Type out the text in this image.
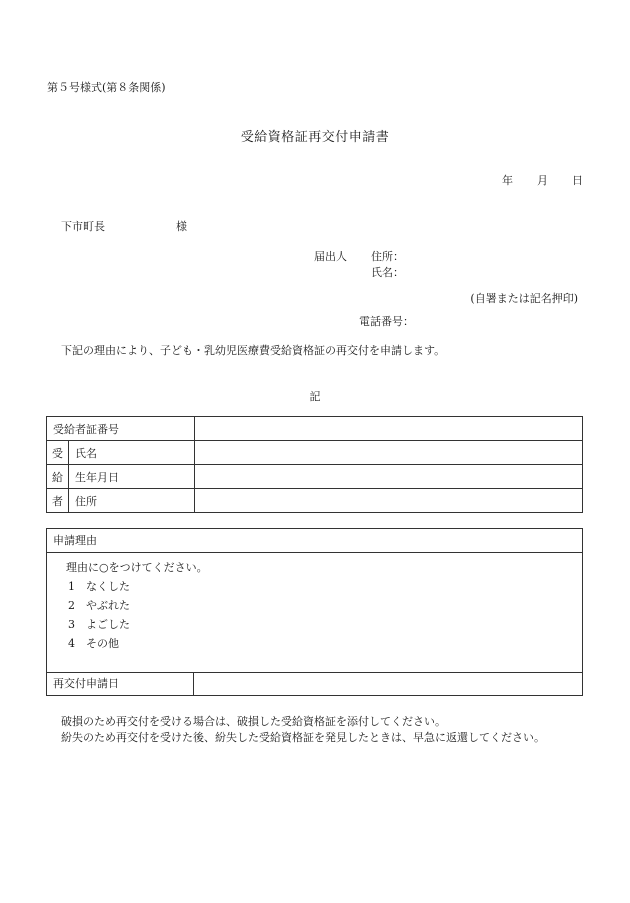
第５号様式(第８条関係)
受給資格証再交付申請書
年 月 日
下市町長	様
届出人 住所：
氏名：
(自署または記名押印)
電話番号：
下記の理由により、子ども・乳幼児医療費受給資格証の再交付を申請します。
記
受給者証番号		
受	氏名	
給	生年月日	
者	住所	
申請理由
理由に○をつけてください。
1 なくした
2 やぶれた
3 よごした
4 その他
再交付申請日
破損のため再交付を受ける場合は、破損した受給資格証を添付してください。
紛失のため再交付を受けた後、紛失した受給資格証を発見したときは、早急に返還してください。
